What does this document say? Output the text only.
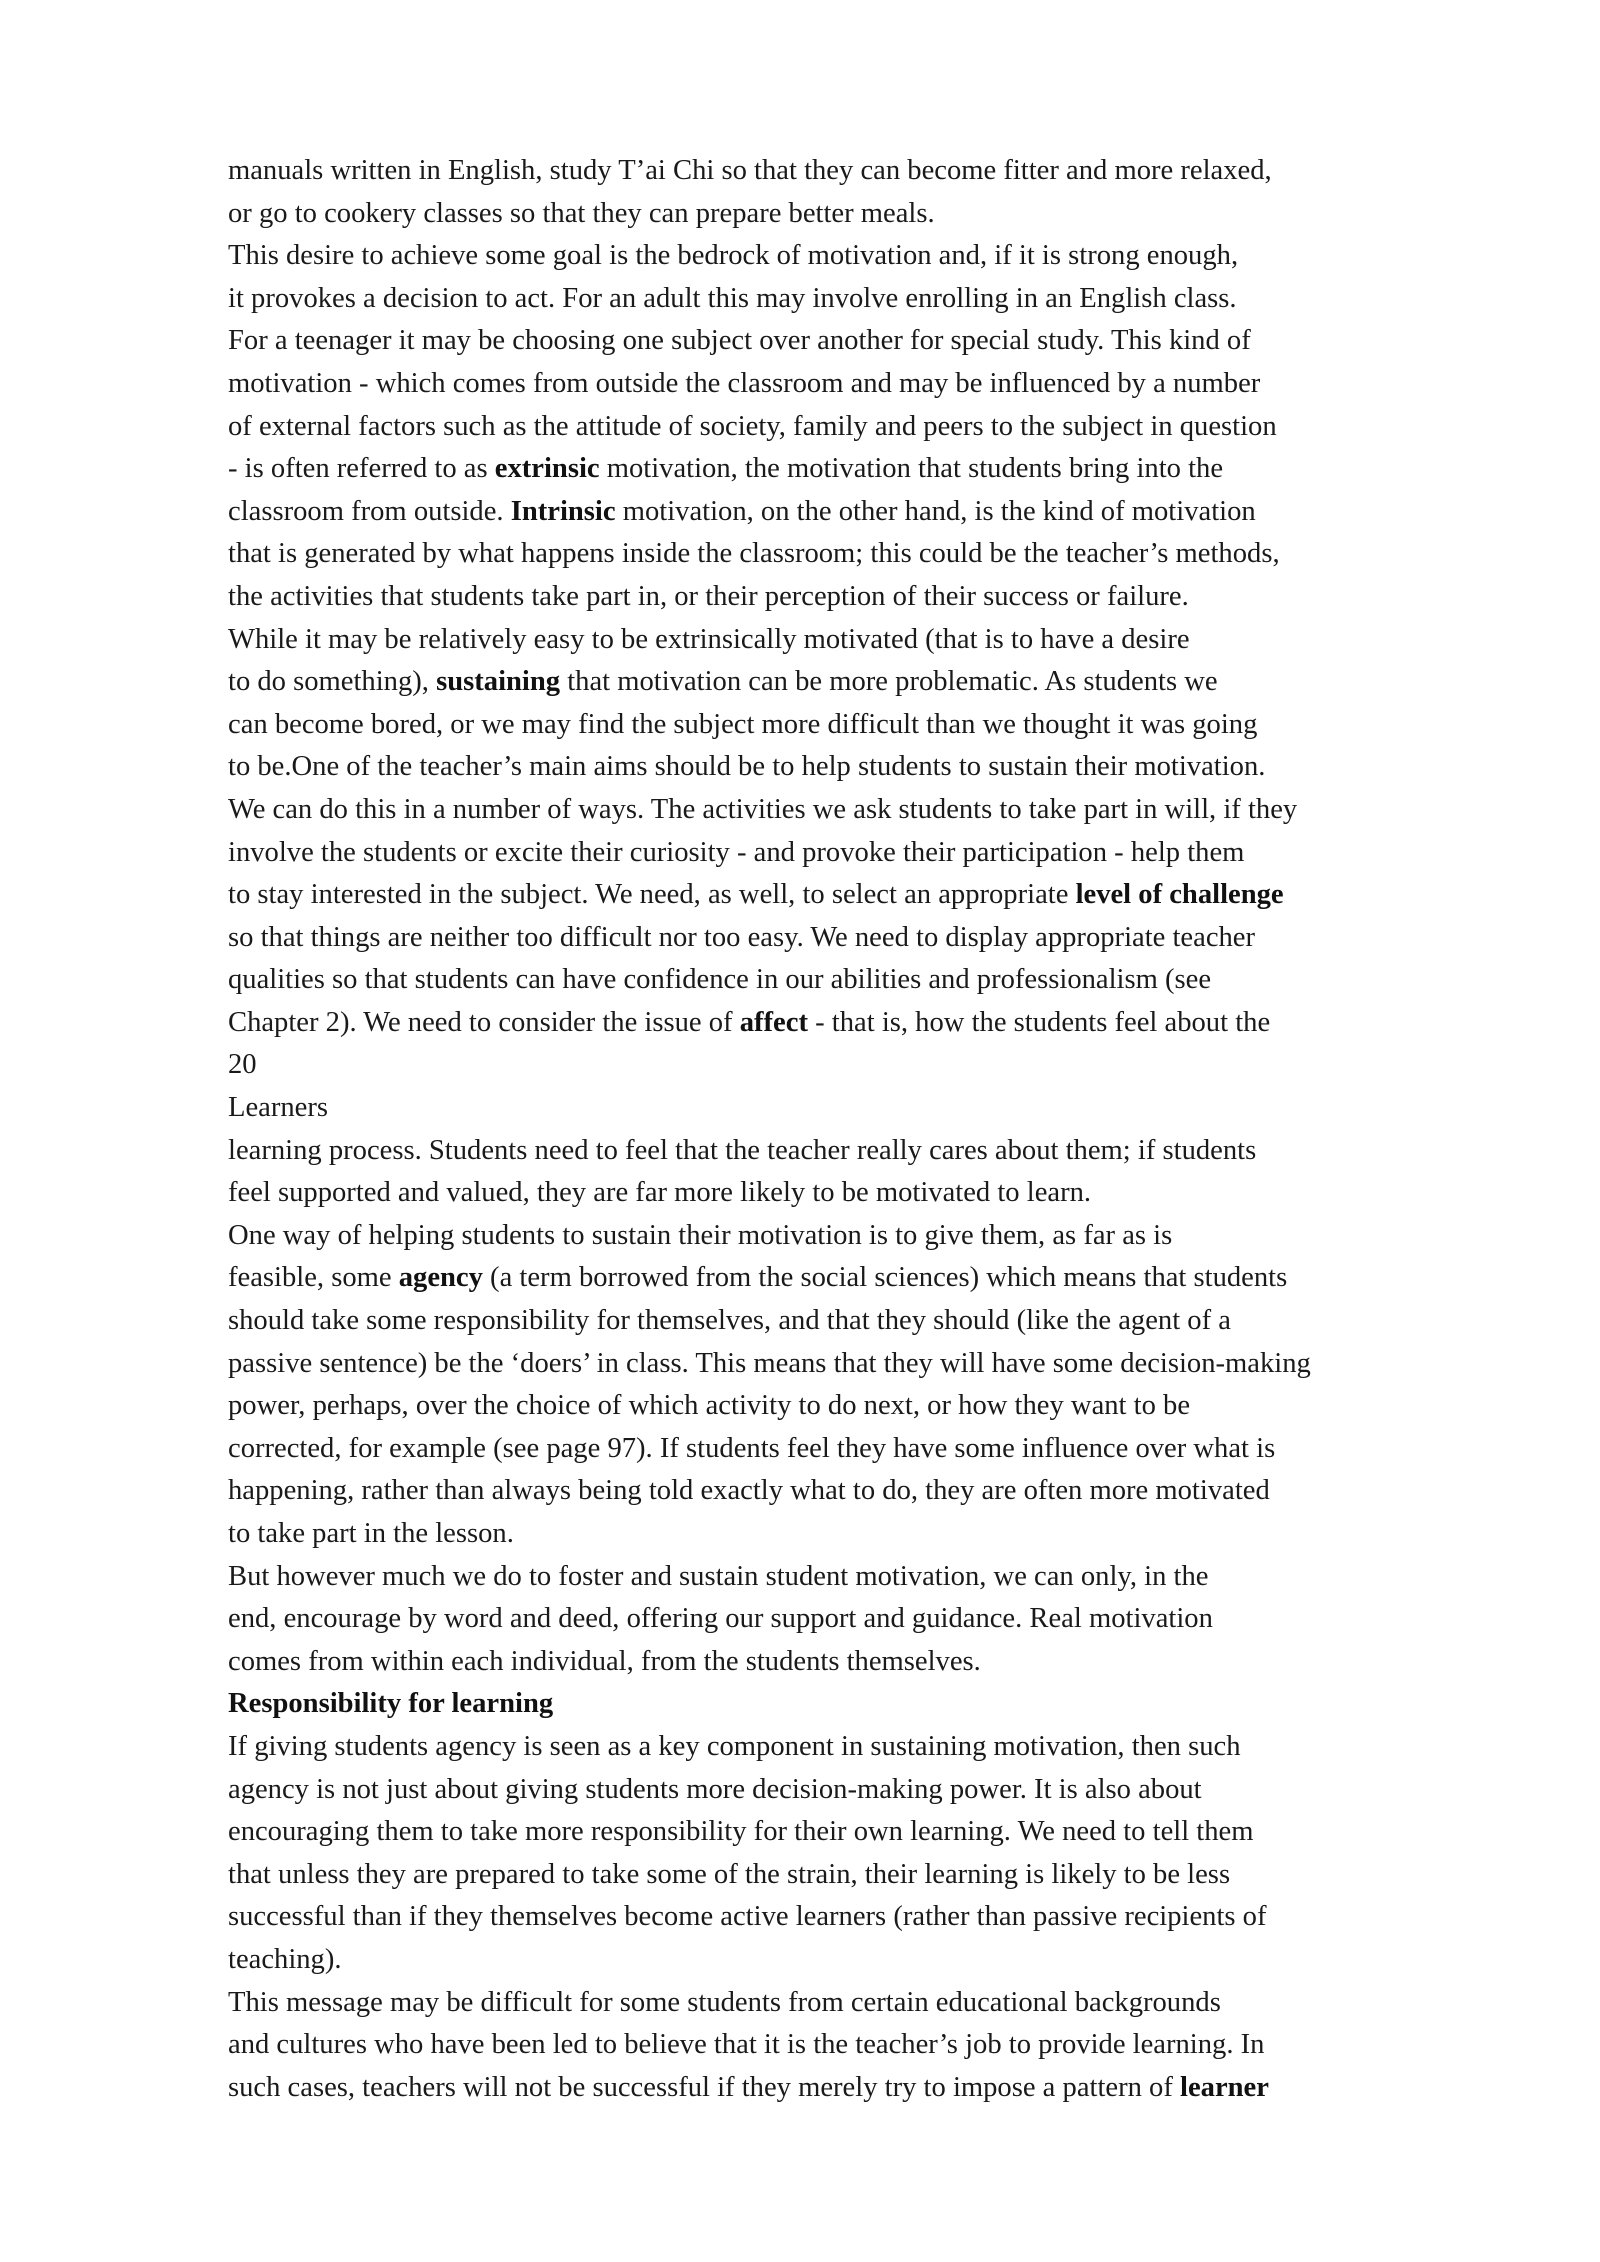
manuals written in English, study T’ai Chi so that they can become fitter and more relaxed,
or go to cookery classes so that they can prepare better meals.
This desire to achieve some goal is the bedrock of motivation and, if it is strong enough,
it provokes a decision to act. For an adult this may involve enrolling in an English class.
For a teenager it may be choosing one subject over another for special study. This kind of
motivation - which comes from outside the classroom and may be influenced by a number
of external factors such as the attitude of society, family and peers to the subject in question
- is often referred to as extrinsic motivation, the motivation that students bring into the
classroom from outside. Intrinsic motivation, on the other hand, is the kind of motivation
that is generated by what happens inside the classroom; this could be the teacher’s methods,
the activities that students take part in, or their perception of their success or failure.
While it may be relatively easy to be extrinsically motivated (that is to have a desire
to do something), sustaining that motivation can be more problematic. As students we
can become bored, or we may find the subject more difficult than we thought it was going
to be.One of the teacher’s main aims should be to help students to sustain their motivation.
We can do this in a number of ways. The activities we ask students to take part in will, if they
involve the students or excite their curiosity - and provoke their participation - help them
to stay interested in the subject. We need, as well, to select an appropriate level of challenge
so that things are neither too difficult nor too easy. We need to display appropriate teacher
qualities so that students can have confidence in our abilities and professionalism (see
Chapter 2). We need to consider the issue of affect - that is, how the students feel about the
20
Learners
learning process. Students need to feel that the teacher really cares about them; if students
feel supported and valued, they are far more likely to be motivated to learn.
One way of helping students to sustain their motivation is to give them, as far as is
feasible, some agency (a term borrowed from the social sciences) which means that students
should take some responsibility for themselves, and that they should (like the agent of a
passive sentence) be the ‘doers’ in class. This means that they will have some decision-making
power, perhaps, over the choice of which activity to do next, or how they want to be
corrected, for example (see page 97). If students feel they have some influence over what is
happening, rather than always being told exactly what to do, they are often more motivated
to take part in the lesson.
But however much we do to foster and sustain student motivation, we can only, in the
end, encourage by word and deed, offering our support and guidance. Real motivation
comes from within each individual, from the students themselves.
Responsibility for learning
If giving students agency is seen as a key component in sustaining motivation, then such
agency is not just about giving students more decision-making power. It is also about
encouraging them to take more responsibility for their own learning. We need to tell them
that unless they are prepared to take some of the strain, their learning is likely to be less
successful than if they themselves become active learners (rather than passive recipients of
teaching).
This message may be difficult for some students from certain educational backgrounds
and cultures who have been led to believe that it is the teacher’s job to provide learning. In
such cases, teachers will not be successful if they merely try to impose a pattern of learner
